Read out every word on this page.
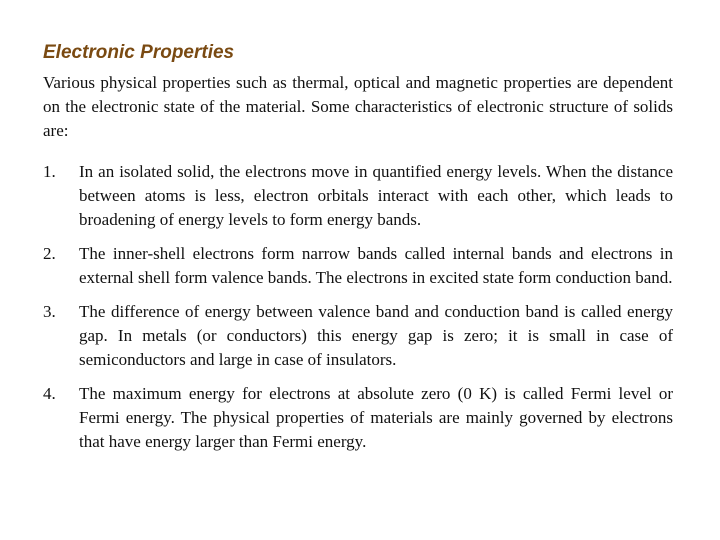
Electronic Properties

Various physical properties such as thermal, optical and magnetic properties are dependent on the electronic state of the material. Some characteristics of electronic structure of solids are:

1.	In an isolated solid, the electrons move in quantified energy levels. When the distance between atoms is less, electron orbitals interact with each other, which leads to broadening of energy levels to form energy bands.
2.	The inner-shell electrons form narrow bands called internal bands and electrons in external shell form valence bands. The electrons in excited state form conduction band.
3.	The difference of energy between valence band and conduction band is called energy gap. In metals (or conductors) this energy gap is zero; it is small in case of semiconductors and large in case of insulators.
4.	The maximum energy for electrons at absolute zero (0 K) is called Fermi level or Fermi energy. The physical properties of materials are mainly governed by electrons that have energy larger than Fermi energy.
